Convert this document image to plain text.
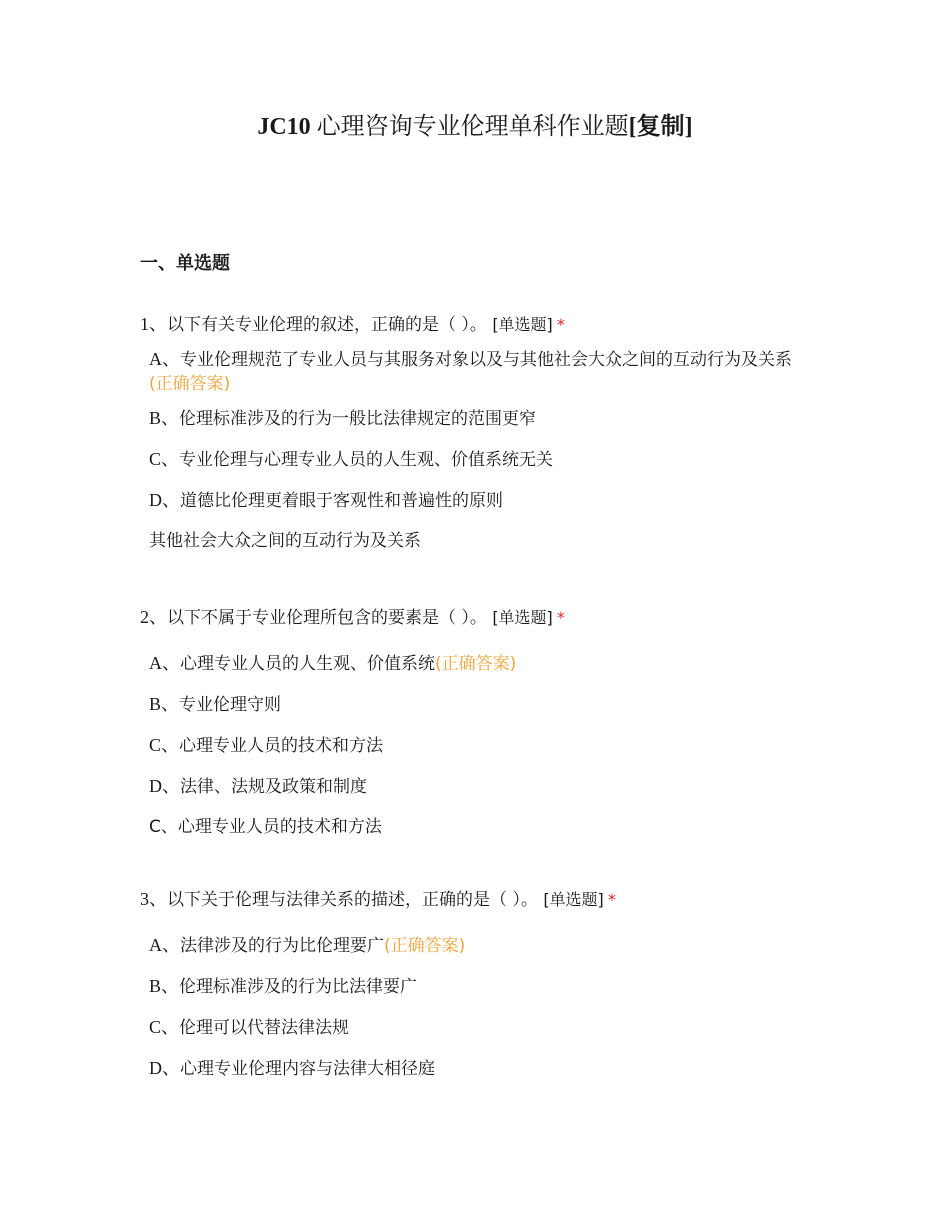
JC10 心理咨询专业伦理单科作业题[复制]
一、单选题

1、以下有关专业伦理的叙述，正确的是（ ）。 [单选题] *

A、专业伦理规范了专业人员与其服务对象以及与其他社会大众之间的互动行为及关系(正确答案)
B、伦理标准涉及的行为一般比法律规定的范围更窄
C、专业伦理与心理专业人员的人生观、价值系统无关
D、道德比伦理更着眼于客观性和普遍性的原则
其他社会大众之间的互动行为及关系

2、以下不属于专业伦理所包含的要素是（ ）。 [单选题] *

A、心理专业人员的人生观、价值系统(正确答案)
B、专业伦理守则
C、心理专业人员的技术和方法
D、法律、法规及政策和制度
C、心理专业人员的技术和方法

3、以下关于伦理与法律关系的描述，正确的是（ ）。 [单选题] *

A、法律涉及的行为比伦理要广(正确答案)
B、伦理标准涉及的行为比法律要广
C、伦理可以代替法律法规
D、心理专业伦理内容与法律大相径庭
